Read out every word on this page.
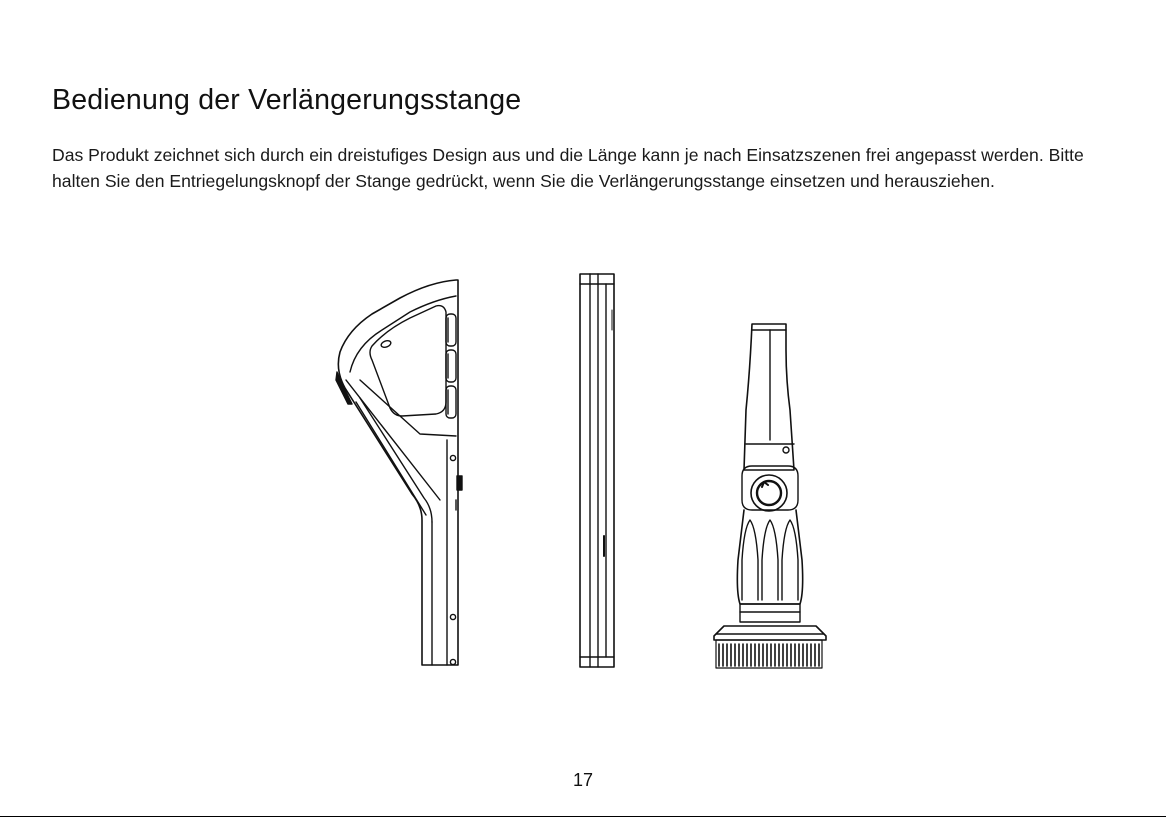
Bedienung der Verlängerungsstange

Das Produkt zeichnet sich durch ein dreistufiges Design aus und die Länge kann je nach Einsatzszenen frei angepasst werden. Bitte halten Sie den Entriegelungsknopf der Stange gedrückt, wenn Sie die Verlängerungsstange einsetzen und herausziehen.

17
